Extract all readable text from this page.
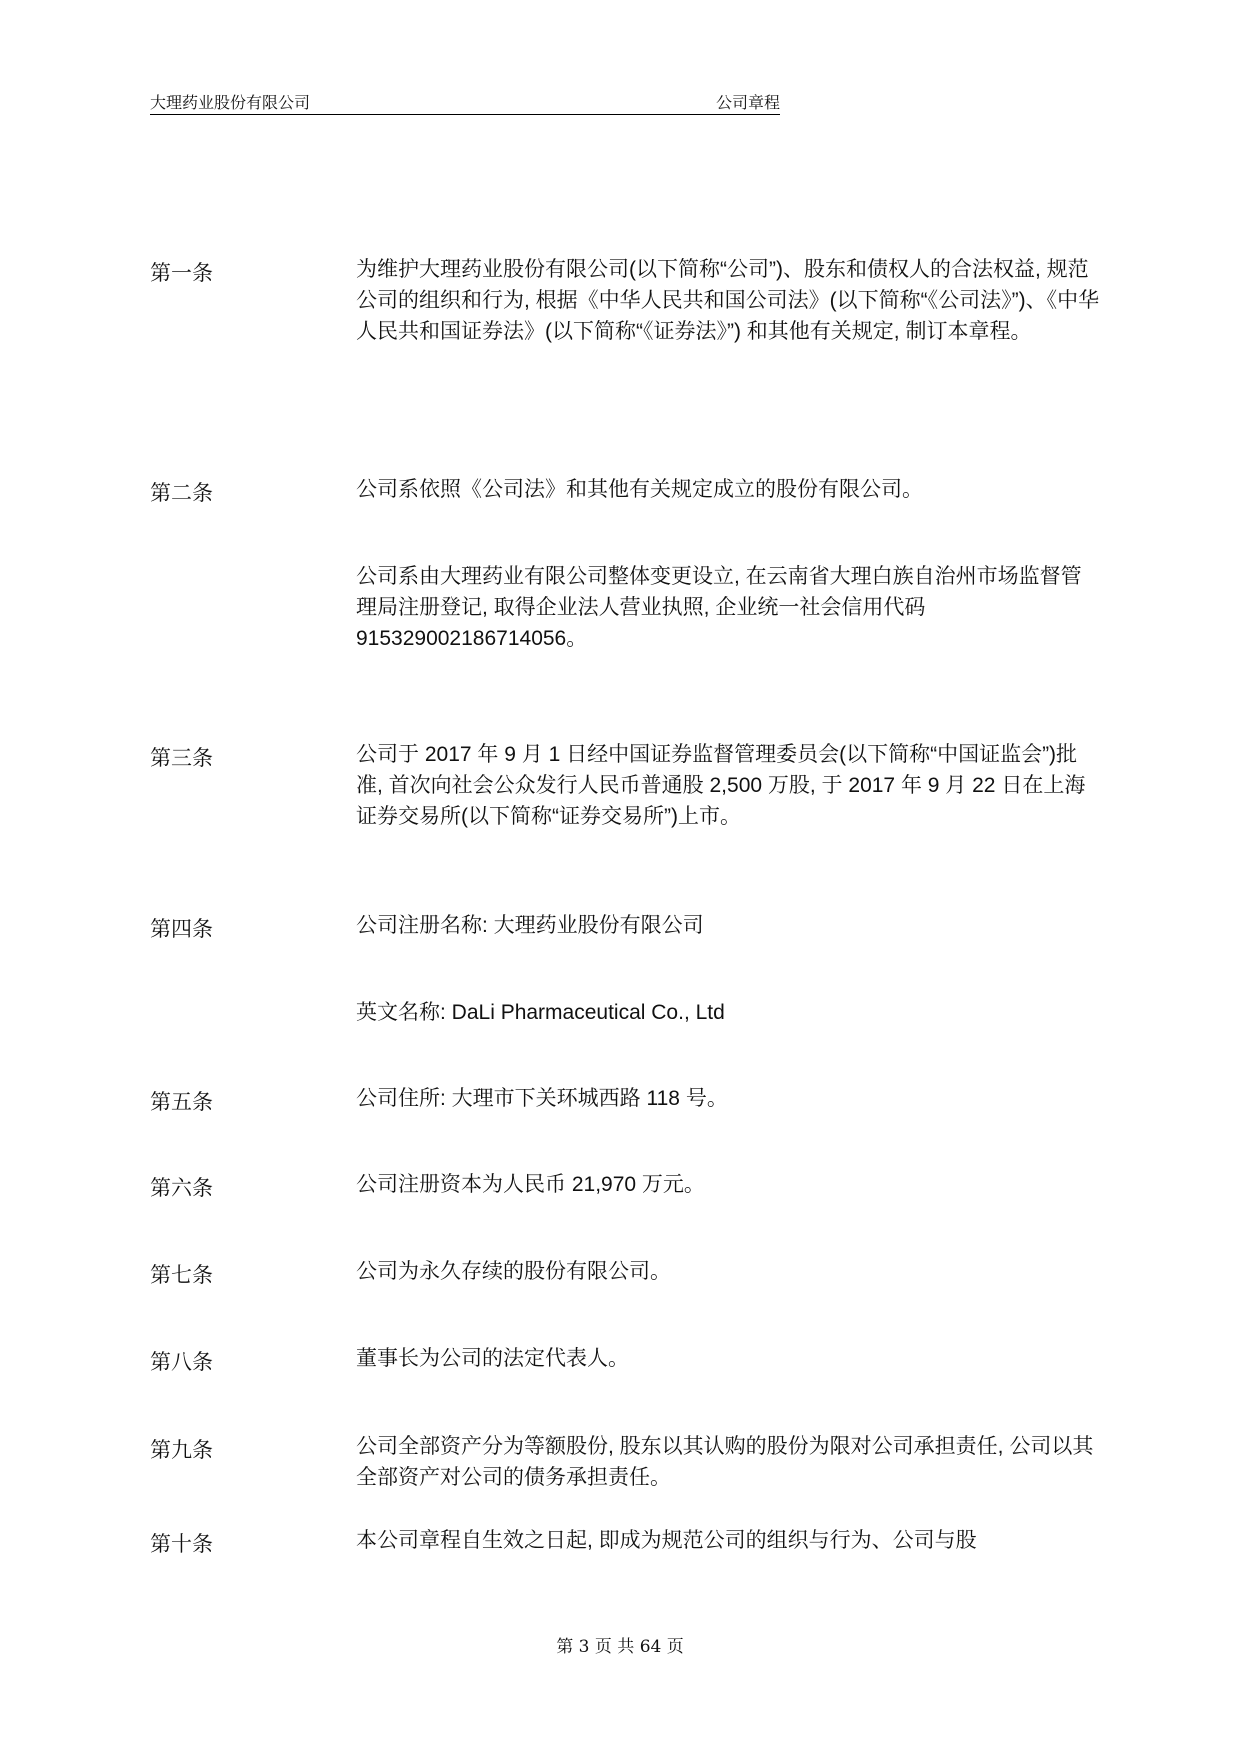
大理药业股份有限公司	公司章程
第一条	为维护大理药业股份有限公司(以下简称“公司”)、股东和债权人的合法权益, 规范公司的组织和行为, 根据《中华人民共和国公司法》(以下简称“《公司法》”)、《中华人民共和国证券法》(以下简称“《证券法》”) 和其他有关规定, 制订本章程。
第二条	公司系依照《公司法》和其他有关规定成立的股份有限公司。
公司系由大理药业有限公司整体变更设立, 在云南省大理白族自治州市场监督管理局注册登记, 取得企业法人营业执照, 企业统一社会信用代码 915329002186714056。
第三条	公司于 2017 年 9 月 1 日经中国证券监督管理委员会(以下简称“中国证监会”)批准, 首次向社会公众发行人民币普通股 2,500 万股, 于 2017 年 9 月 22 日在上海证券交易所(以下简称“证券交易所”)上市。
第四条	公司注册名称: 大理药业股份有限公司
英文名称: DaLi Pharmaceutical Co., Ltd
第五条	公司住所: 大理市下关环城西路 118 号。
第六条	公司注册资本为人民币 21,970 万元。
第七条	公司为永久存续的股份有限公司。
第八条	董事长为公司的法定代表人。
第九条	公司全部资产分为等额股份, 股东以其认购的股份为限对公司承担责任, 公司以其全部资产对公司的债务承担责任。
第十条	本公司章程自生效之日起, 即成为规范公司的组织与行为、公司与股
第 3 页 共 64 页
